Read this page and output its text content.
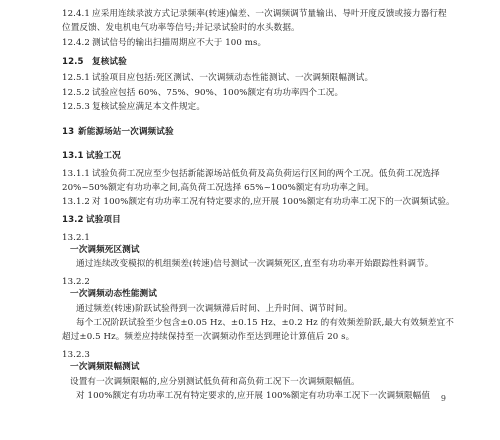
12.4.1 应采用连续录波方式记录频率(转速)偏差、一次调频调节量输出、导叶开度反馈或接力器行程
位置反馈、发电机电气功率等信号;并记录试验时的水头数据。
12.4.2 测试信号的输出扫描周期应不大于 100 ms。
12.5 复核试验
12.5.1 试验项目应包括:死区测试、一次调频动态性能测试、一次调频限幅测试。
12.5.2 试验应包括 60%、75%、90%、100%额定有功功率四个工况。
12.5.3 复核试验应满足本文件规定。
13 新能源场站一次调频试验
13.1 试验工况
13.1.1 试验负荷工况应至少包括新能源场站低负荷及高负荷运行区间的两个工况。低负荷工况选择
20%~50%额定有功功率之间,高负荷工况选择 65%~100%额定有功功率之间。
13.1.2 对 100%额定有功功率工况有特定要求的,应开展 100%额定有功功率工况下的一次调频试验。
13.2 试验项目
13.2.1
一次调频死区测试
通过连续改变模拟的机组频差(转速)信号测试一次调频死区,直至有功功率开始跟踪性料调节。
13.2.2
一次调频动态性能测试
通过频差(转速)阶跃试验得到一次调频滞后时间、上升时间、调节时间。
每个工况阶跃试验至少包含±0.05 Hz、±0.15 Hz、±0.2 Hz 的有效频差阶跃,最大有效频差宜不
超过±0.5 Hz。频差应持续保持至一次调频动作至达到理论计算值后 20 s。
13.2.3
一次调频限幅测试
设置有一次调频限幅的,应分别测试低负荷和高负荷工况下一次调频限幅值。
对 100%额定有功功率工况有特定要求的,应开展 100%额定有功功率工况下一次调频限幅值	9
